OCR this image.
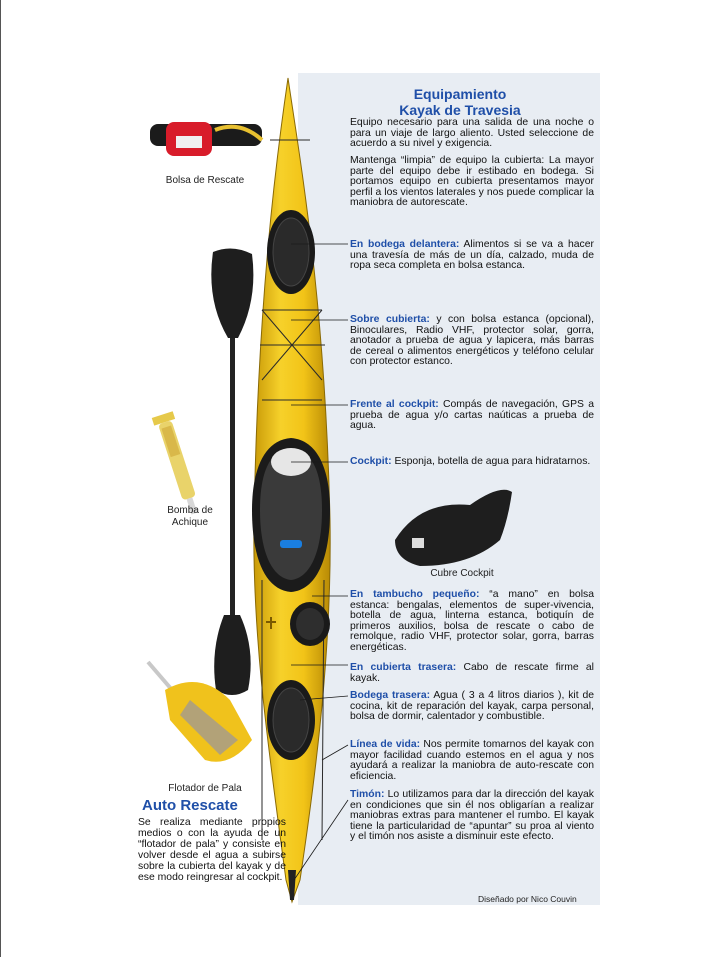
Equipamiento
Kayak de Travesia
Equipo necesario para una salida de una noche o para un viaje de largo aliento. Usted seleccione de acuerdo a su nivel y exigencia.
Mantenga “limpia” de equipo la cubierta: La mayor parte del equipo debe ir estibado en bodega. Si portamos equipo en cubierta presentamos mayor perfil a los vientos laterales y nos puede complicar la maniobra de autorescate.
En bodega delantera: Alimentos si se va a hacer una travesía de más de un día, calzado, muda de ropa seca completa en bolsa estanca.
Sobre cubierta: y con bolsa estanca (opcional), Binoculares, Radio VHF, protector solar, gorra, anotador a prueba de agua y lapicera, más barras de cereal o alimentos energéticos y teléfono celular con protector estanco.
Frente al cockpit: Compás de navegación, GPS a prueba de agua y/o cartas naúticas a prueba de agua.
Cockpit: Esponja, botella de agua para hidratarnos.
En tambucho pequeño: “a mano” en bolsa estanca: bengalas, elementos de super-vivencia, botella de agua, linterna estanca, botiquín de primeros auxilios, bolsa de rescate o cabo de remolque, radio VHF, protector solar, gorra, barras energéticas.
En cubierta trasera: Cabo de rescate firme al kayak.
Bodega trasera: Agua ( 3 a 4 litros diarios ), kit de cocina, kit de reparación del kayak, carpa personal, bolsa de dormir, calentador y combustible.
Línea de vida: Nos permite tomarnos del kayak con mayor facilidad cuando estemos en el agua y nos ayudará a realizar la maniobra de auto-rescate con eficiencia.
Timón: Lo utilizamos para dar la dirección del kayak en condiciones que sin él nos obligarían a realizar maniobras extras para mantener el rumbo. El kayak tiene la particularidad de “apuntar” su proa al viento y el timón nos asiste a disminuir este efecto.
Bolsa de Rescate
Bomba de
Achique
Cubre Cockpit
Flotador de Pala
Auto Rescate
Se realiza mediante propios medios o con la ayuda de un “flotador de pala” y consiste en volver desde el agua a subirse sobre la cubierta del kayak y de ese modo reingresar al cockpit.
Diseñado por Nico Couvin
